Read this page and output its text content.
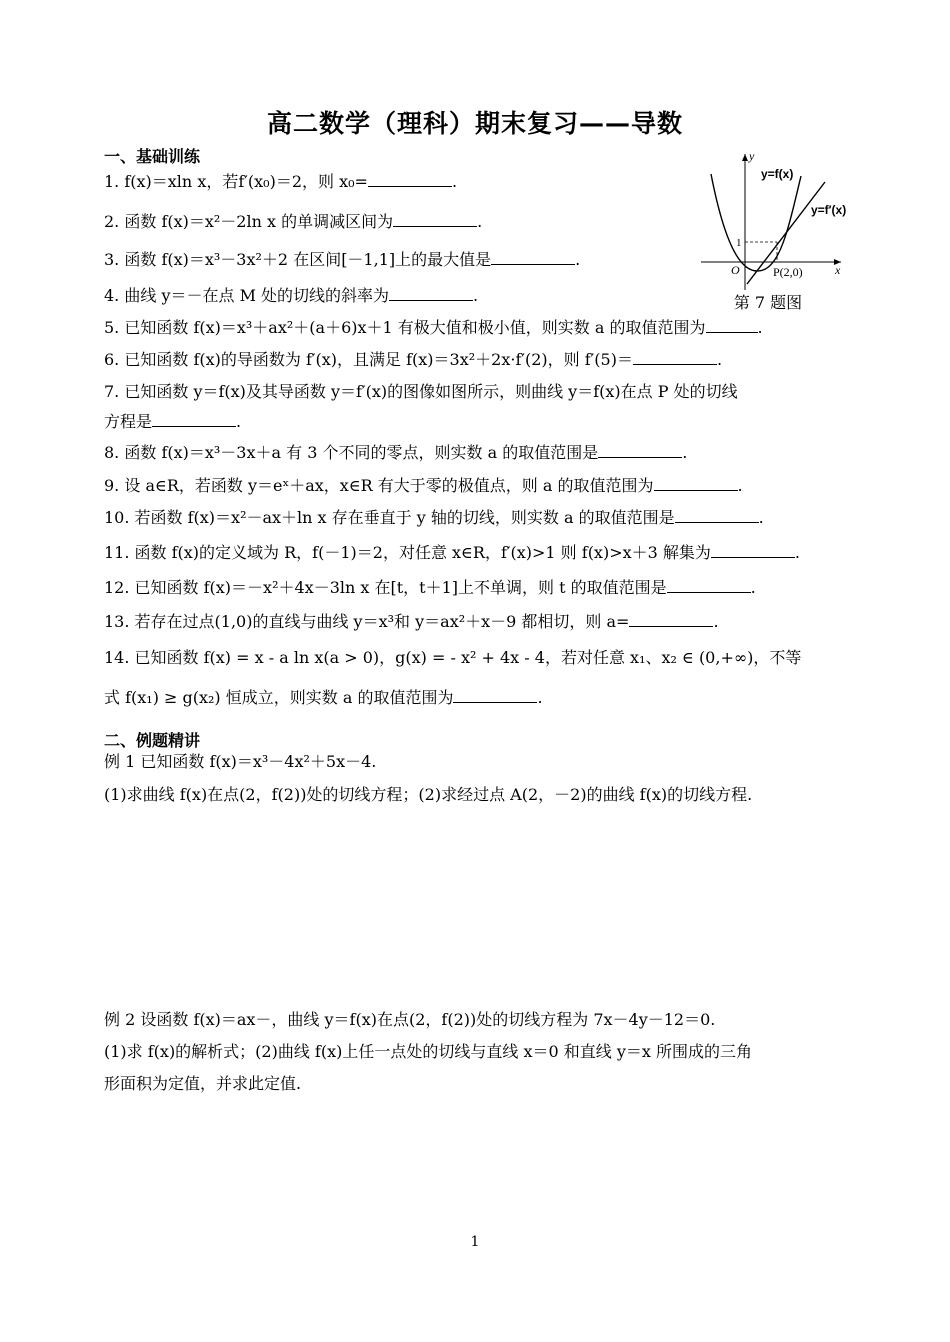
高二数学（理科）期末复习——导数
一、基础训练	y
x
O
y=f(x)
y=f′(x)
1
P(2,0)
第 7 题图
1. f(x)＝xln x，若f′(x₀)＝2，则 x₀=	.
2. 函数 f(x)＝x²－2ln x 的单调减区间为	.
3. 函数 f(x)＝x³－3x²＋2 在区间[－1,1]上的最大值是	.
4. 曲线 y＝－在点 M 处的切线的斜率为	.
5. 已知函数 f(x)＝x³＋ax²＋(a＋6)x＋1 有极大值和极小值，则实数 a 的取值范围为	.
6. 已知函数 f(x)的导函数为 f′(x)，且满足 f(x)＝3x²＋2x·f′(2)，则 f′(5)＝	.
7. 已知函数 y＝f(x)及其导函数 y＝f′(x)的图像如图所示，则曲线 y＝f(x)在点 P 处的切线
方程是	.
8. 函数 f(x)＝x³－3x＋a 有 3 个不同的零点，则实数 a 的取值范围是	.
9. 设 a∈R，若函数 y＝eˣ＋ax，x∈R 有大于零的极值点，则 a 的取值范围为	.
10. 若函数 f(x)＝x²－ax＋ln x 存在垂直于 y 轴的切线，则实数 a 的取值范围是	.
11. 函数 f(x)的定义域为 R，f(－1)＝2，对任意 x∈R，f′(x)>1 则 f(x)>x＋3 解集为	.
12. 已知函数 f(x)＝－x²＋4x－3ln x 在[t，t＋1]上不单调，则 t 的取值范围是	.
13. 若存在过点(1,0)的直线与曲线 y＝x³和 y＝ax²＋x－9 都相切，则 a=	.
14. 已知函数 f(x) = x - a ln x(a > 0)，g(x) = - x² + 4x - 4，若对任意 x₁、x₂ ∈ (0,+∞)，不等
式 f(x₁) ≥ g(x₂) 恒成立，则实数 a 的取值范围为	.
二、例题精讲
例 1 已知函数 f(x)＝x³－4x²＋5x－4.
(1)求曲线 f(x)在点(2，f(2))处的切线方程；(2)求经过点 A(2，－2)的曲线 f(x)的切线方程.
例 2 设函数 f(x)＝ax－，曲线 y＝f(x)在点(2，f(2))处的切线方程为 7x－4y－12＝0.
(1)求 f(x)的解析式；(2)曲线 f(x)上任一点处的切线与直线 x＝0 和直线 y＝x 所围成的三角
形面积为定值，并求此定值.
1
